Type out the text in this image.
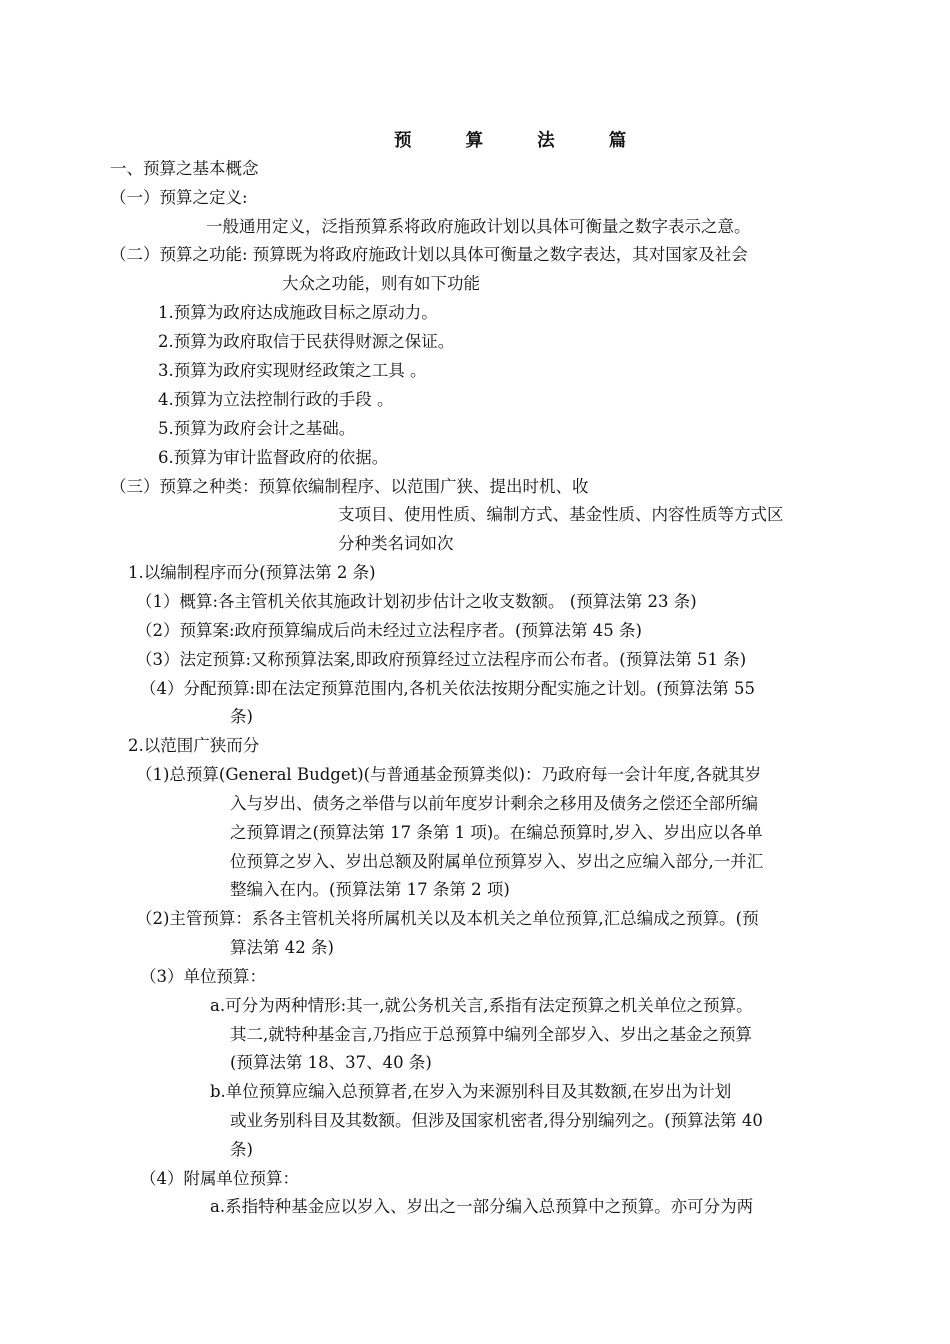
预 算 法 篇
一、预算之基本概念
（一）预算之定义:
一般通用定义，泛指预算系将政府施政计划以具体可衡量之数字表示之意。
（二）预算之功能: 预算既为将政府施政计划以具体可衡量之数字表达，其对国家及社会
大众之功能，则有如下功能
1.预算为政府达成施政目标之原动力。
2.预算为政府取信于民获得财源之保证。
3.预算为政府实现财经政策之工具 。
4.预算为立法控制行政的手段 。
5.预算为政府会计之基础。
6.预算为审计监督政府的依据。
（三）预算之种类：预算依编制程序、以范围广狭、提出时机、收
支项目、使用性质、编制方式、基金性质、内容性质等方式区
分种类名词如次
1.以编制程序而分(预算法第 2 条)
（1）概算:各主管机关依其施政计划初步估计之收支数额。 (预算法第 23 条)
（2）预算案:政府预算编成后尚未经过立法程序者。(预算法第 45 条)
（3）法定预算:又称预算法案,即政府预算经过立法程序而公布者。(预算法第 51 条)
（4）分配预算:即在法定预算范围内,各机关依法按期分配实施之计划。(预算法第 55
条)
2.以范围广狭而分
（1)总预算(General Budget)(与普通基金预算类似)：乃政府每一会计年度,各就其岁
入与岁出、债务之举借与以前年度岁计剩余之移用及债务之偿还全部所编
之预算谓之(预算法第 17 条第 1 项)。在编总预算时,岁入、岁出应以各单
位预算之岁入、岁出总额及附属单位预算岁入、岁出之应编入部分,一并汇
整编入在内。(预算法第 17 条第 2 项)
（2)主管预算：系各主管机关将所属机关以及本机关之单位预算,汇总编成之预算。(预
算法第 42 条)
（3）单位预算：
a.可分为两种情形:其一,就公务机关言,系指有法定预算之机关单位之预算。
其二,就特种基金言,乃指应于总预算中编列全部岁入、岁出之基金之预算
(预算法第 18、37、40 条)
b.单位预算应编入总预算者,在岁入为来源别科目及其数额,在岁出为计划
或业务别科目及其数额。但涉及国家机密者,得分别编列之。(预算法第 40
条)
（4）附属单位预算：
a.系指特种基金应以岁入、岁出之一部分编入总预算中之预算。亦可分为两
